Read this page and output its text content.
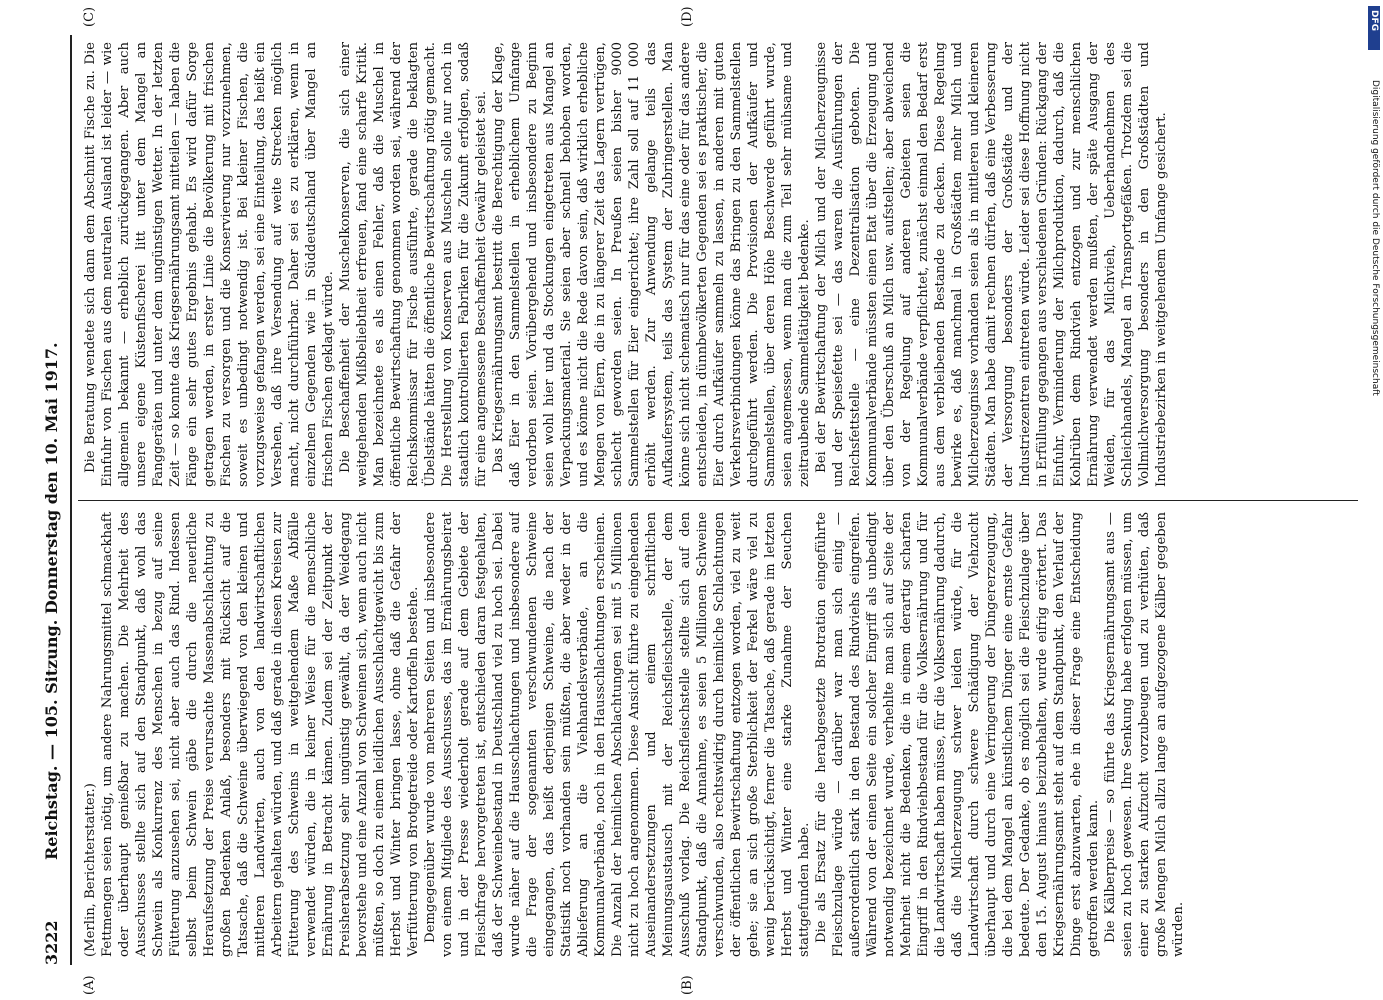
3222
Reichstag. — 105. Sitzung. Donnerstag den 10. Mai 1917.
(A)	(B)
(C)	(D)

(Merlin, Berichterstatter.) Fettmengen seien nötig, um andere Nahrungsmittel schmackhaft oder überhaupt genießbar zu machen. Die Mehrheit des Ausschusses stellte sich auf den Standpunkt, daß wohl das Schwein als Konkurrenz des Menschen in bezug auf seine Fütterung anzusehen sei, nicht aber auch das Rind. Indessen selbst beim Schwein gäbe die durch die neuerliche Heraufsetzung der Preise verursachte Massenabschlachtung zu großen Bedenken Anlaß, besonders mit Rücksicht auf die Tatsache, daß die Schweine überwiegend von den kleinen und mittleren Landwirten, auch von den landwirtschaftlichen Arbeitern gehalten würden, und daß gerade in diesen Kreisen zur Fütterung des Schweins in weitgehendem Maße Abfälle verwendet würden, die in keiner Weise für die menschliche Ernährung in Betracht kämen. Zudem sei der Zeitpunkt der Preisherabsetzung sehr ungünstig gewählt, da der Weidegang bevorstehe und eine Anzahl von Schweinen sich, wenn auch nicht müßten, so doch zu einem leidlichen Ausschlachtgewicht bis zum Herbst und Winter bringen lasse, ohne daß die Gefahr der Verfütterung von Brotgetreide oder Kartoffeln bestehe. Demgegenüber wurde von mehreren Seiten und insbesondere von einem Mitgliede des Ausschusses, das im Ernährungsbeirat und in der Presse wiederholt gerade auf dem Gebiete der Fleischfrage hervorgetreten ist, entschieden daran festgehalten, daß der Schweinebestand in Deutschland viel zu hoch sei. Dabei wurde näher auf die Hausschlachtungen und insbesondere auf die Frage der sogenannten verschwundenen Schweine eingegangen, das heißt derjenigen Schweine, die nach der Statistik noch vorhanden sein müßten, die aber weder in der Ablieferung an die Viehhandelsverbände, an die Kommunalverbände, noch in den Hausschlachtungen erscheinen. Die Anzahl der heimlichen Abschlachtungen sei mit 5 Millionen nicht zu hoch angenommen. Diese Ansicht führte zu eingehenden Auseinandersetzungen und einem schriftlichen Meinungsaustausch mit der Reichsfleischstelle, der dem Ausschuß vorlag. Die Reichsfleischstelle stellte sich auf den Standpunkt, daß die Annahme, es seien 5 Millionen Schweine verschwunden, also rechtswidrig durch heimliche Schlachtungen der öffentlichen Bewirtschaftung entzogen worden, viel zu weit gehe; sie an sich große Sterblichkeit der Ferkel wäre viel zu wenig berücksichtigt, ferner die Tatsache, daß gerade im letzten Herbst und Winter eine starke Zunahme der Seuchen stattgefunden habe. Die als Ersatz für die herabgesetzte Brotration eingeführte Fleischzulage würde — darüber war man sich einig — außerordentlich stark in den Bestand des Rindviehs eingreifen. Während von der einen Seite ein solcher Eingriff als unbedingt notwendig bezeichnet wurde, verhehlte man sich auf Seite der Mehrheit nicht die Bedenken, die in einem derartig scharfen Eingriff in den Rindviehbestand für die Volksernährung und für die Landwirtschaft haben müsse, für die Volksernährung dadurch, daß die Milcherzeugung schwer leiden würde, für die Landwirtschaft durch schwere Schädigung der Viehzucht überhaupt und durch eine Verringerung der Düngererzeugung, die bei dem Mangel an künstlichem Dünger eine ernste Gefahr bedeute. Der Gedanke, ob es möglich sei die Fleischzulage über den 15. August hinaus beizubehalten, wurde eifrig erörtert. Das Kriegsernährungsamt steht auf dem Standpunkt, den Verlauf der Dinge erst abzuwarten, ehe in dieser Frage eine Entscheidung getroffen werden kann. Die Kälberpreise — so führte das Kriegsernährungsamt aus — seien zu hoch gewesen. Ihre Senkung habe erfolgen müssen, um einer zu starken Aufzucht vorzubeugen und zu verhüten, daß große Mengen Milch allzu lange an aufgezogene Kälber gegeben würden.

Die Beratung wendete sich dann dem Abschnitt Fische zu. Die Einfuhr von Fischen aus dem neutralen Ausland ist leider — wie allgemein bekannt — erheblich zurückgegangen. Aber auch unsere eigene Küstenfischerei litt unter dem Mangel an Fanggeräten und unter dem ungünstigen Wetter. In der letzten Zeit — so konnte das Kriegsernährungsamt mitteilen — haben die Fänge ein sehr gutes Ergebnis gehabt. Es wird dafür Sorge getragen werden, in erster Linie die Bevölkerung mit frischen Fischen zu versorgen und die Konservierung nur vorzunehmen, soweit es unbedingt notwendig ist. Bei kleiner Fischen, die vorzugsweise gefangen werden, sei eine Einteilung, das heißt ein Versehen, daß ihre Versendung auf weite Strecken möglich macht, nicht durchführbar. Daher sei es zu erklären, wenn in einzelnen Gegenden wie in Süddeutschland über Mangel an frischen Fischen geklagt würde. Die Beschaffenheit der Muschelkonserven, die sich einer weitgehenden Mißbeliebtheit erfreuen, fand eine scharfe Kritik. Man bezeichnete es als einen Fehler, daß die Muschel in öffentliche Bewirtschaftung genommen worden sei, während der Reichskommissar für Fische ausführte, gerade die beklagten Übelstände hätten die öffentliche Bewirtschaftung nötig gemacht. Die Herstellung von Konserven aus Muscheln solle nur noch in staatlich kontrollierten Fabriken für die Zukunft erfolgen, sodaß für eine angemessene Beschaffenheit Gewähr geleistet sei. Das Kriegsernährungsamt bestritt die Berechtigung der Klage, daß Eier in den Sammelstellen in erheblichem Umfange verdorben seien. Vorübergehend und insbesondere zu Beginn seien wohl hier und da Stockungen eingetreten aus Mangel an Verpackungsmaterial. Sie seien aber schnell behoben worden, und es könne nicht die Rede davon sein, daß wirklich erhebliche Mengen von Eiern, die in zu längerer Zeit das Lagern vertrügen, schlecht geworden seien. In Preußen seien bisher 9000 Sammelstellen für Eier eingerichtet; ihre Zahl soll auf 11 000 erhöht werden. Zur Anwendung gelange teils das Aufkaufersystem, teils das System der Zubringerstellen. Man könne sich nicht schematisch nur für das eine oder für das andere entscheiden, in dünnbevölkerten Gegenden sei es praktischer, die Eier durch Aufkäufer sammeln zu lassen, in anderen mit guten Verkehrsverbindungen könne das Bringen zu den Sammelstellen durchgeführt werden. Die Provisionen der Aufkäufer und Sammelstellen, über deren Höhe Beschwerde geführt wurde, seien angemessen, wenn man die zum Teil sehr mühsame und zeitraubende Sammeltätigkeit bedenke. Bei der Bewirtschaftung der Milch und der Milcherzeugnisse und der Speisefette sei — das waren die Ausführungen der Reichsfettstelle — eine Dezentralisation geboten. Die Kommunalverbände müssten einen Etat über die Erzeugung und über den Überschuß an Milch usw. aufstellen; aber abweichend von der Regelung auf anderen Gebieten seien die Kommunalverbände verpflichtet, zunächst einmal den Bedarf erst aus dem verbleibenden Bestande zu decken. Diese Regelung bewirke es, daß manchmal in Großstädten mehr Milch und Milcherzeugnisse vorhanden seien als in mittleren und kleineren Städten. Man habe damit rechnen dürfen, daß eine Verbesserung der Versorgung besonders der Großstädte und der Industriezentren eintreten würde. Leider sei diese Hoffnung nicht in Erfüllung gegangen aus verschiedenen Gründen: Rückgang der Einfuhr, Verminderung der Milchproduktion, dadurch, daß die Kohlrüben dem Rindvieh entzogen und zur menschlichen Ernährung verwendet werden mußten, der späte Ausgang der Weiden, für das Milchvieh, Ueberhandnehmen des Schleichhandels, Mangel an Transportgefäßen. Trotzdem sei die Vollmilchversorgung besonders in den Großstädten und Industriebezirken in weitgehendem Umfange gesichert.

DFG
Digitalisierung gefördert durch die Deutsche Forschungsgemeinschaft
